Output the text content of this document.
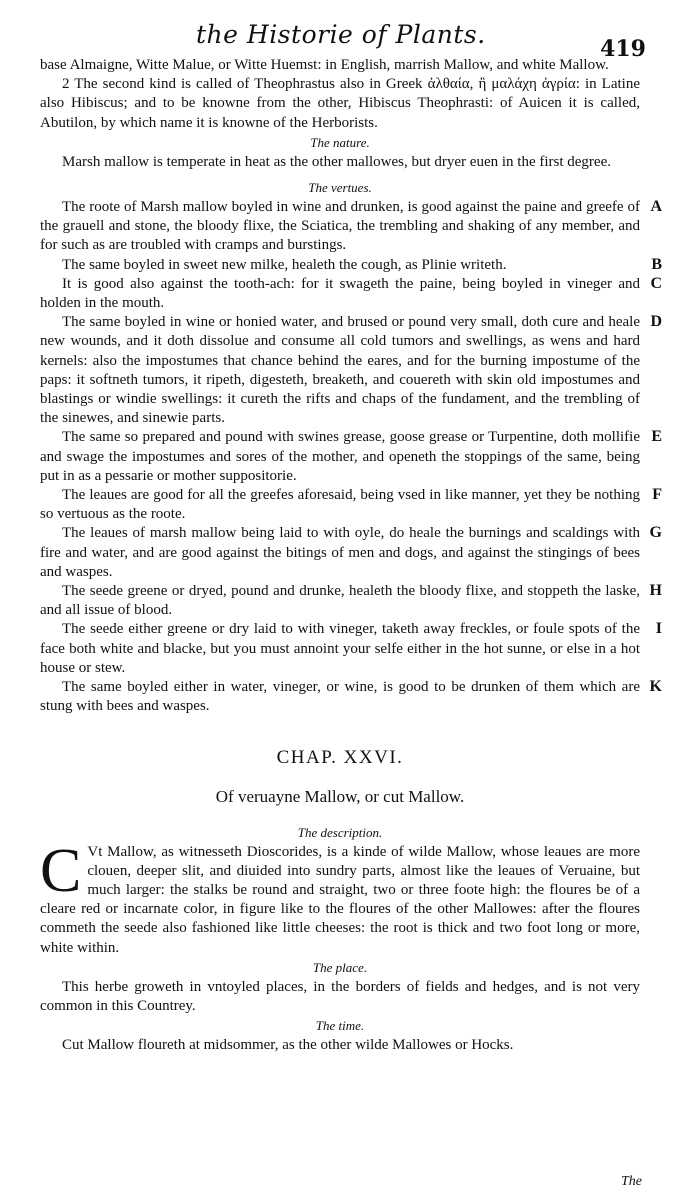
the Historie of Plants.	419

base Almaigne, Witte Malue, or Witte Huemst: in English, marrish Mallow, and white Mallow.

2 The second kind is called of Theophrastus also in Greek ἀλθαία, ἢ μαλάχη ἀγρία: in Latine also Hibiscus; and to be knowne from the other, Hibiscus Theophrasti: of Auicen it is called, Abutilon, by which name it is knowne of the Herborists.

The nature.

Marsh mallow is temperate in heat as the other mallowes, but dryer euen in the first degree.

The vertues.
A

The roote of Marsh mallow boyled in wine and drunken, is good against the paine and greefe of the grauell and stone, the bloody flixe, the Sciatica, the trembling and shaking of any member, and for such as are troubled with cramps and burstings.

B

The same boyled in sweet new milke, healeth the cough, as Plinie writeth.

C

It is good also against the tooth-ach: for it swageth the paine, being boyled in vineger and holden in the mouth.

D

The same boyled in wine or honied water, and brused or pound very small, doth cure and heale new wounds, and it doth dissolue and consume all cold tumors and swellings, as wens and hard kernels: also the impostumes that chance behind the eares, and for the burning impostume of the paps: it softneth tumors, it ripeth, digesteth, breaketh, and couereth with skin old impostumes and blastings or windie swellings: it cureth the rifts and chaps of the fundament, and the trembling of the sinewes, and sinewie parts.

E

The same so prepared and pound with swines grease, goose grease or Turpentine, doth mollifie and swage the impostumes and sores of the mother, and openeth the stoppings of the same, being put in as a pessarie or mother suppositorie.

F

The leaues are good for all the greefes aforesaid, being vsed in like manner, yet they be nothing so vertuous as the roote.

G

The leaues of marsh mallow being laid to with oyle, do heale the burnings and scaldings with fire and water, and are good against the bitings of men and dogs, and against the stingings of bees and waspes.

H

The seede greene or dryed, pound and drunke, healeth the bloody flixe, and stoppeth the laske, and all issue of blood.

I

The seede either greene or dry laid to with vineger, taketh away freckles, or foule spots of the face both white and blacke, but you must annoint your selfe either in the hot sunne, or else in a hot house or stew.

K

The same boyled either in water, vineger, or wine, is good to be drunken of them which are stung with bees and waspes.

CHAP. XXVI.
Of veruayne Mallow, or cut Mallow.
The description.
C Vt Mallow, as witnesseth Dioscorides, is a kinde of wilde Mallow, whose leaues are more clouen, deeper slit, and diuided into sundry parts, almost like the leaues of Veruaine, but much larger: the stalks be round and straight, two or three foote high: the floures be of a cleare red or incarnate color, in figure like to the floures of the other Mallowes: after the floures commeth the seede also fashioned like little cheeses: the root is thick and two foot long or more, white within.

The place.

This herbe groweth in vntoyled places, in the borders of fields and hedges, and is not very common in this Countrey.

The time.

Cut Mallow floureth at midsommer, as the other wilde Mallowes or Hocks.

The
